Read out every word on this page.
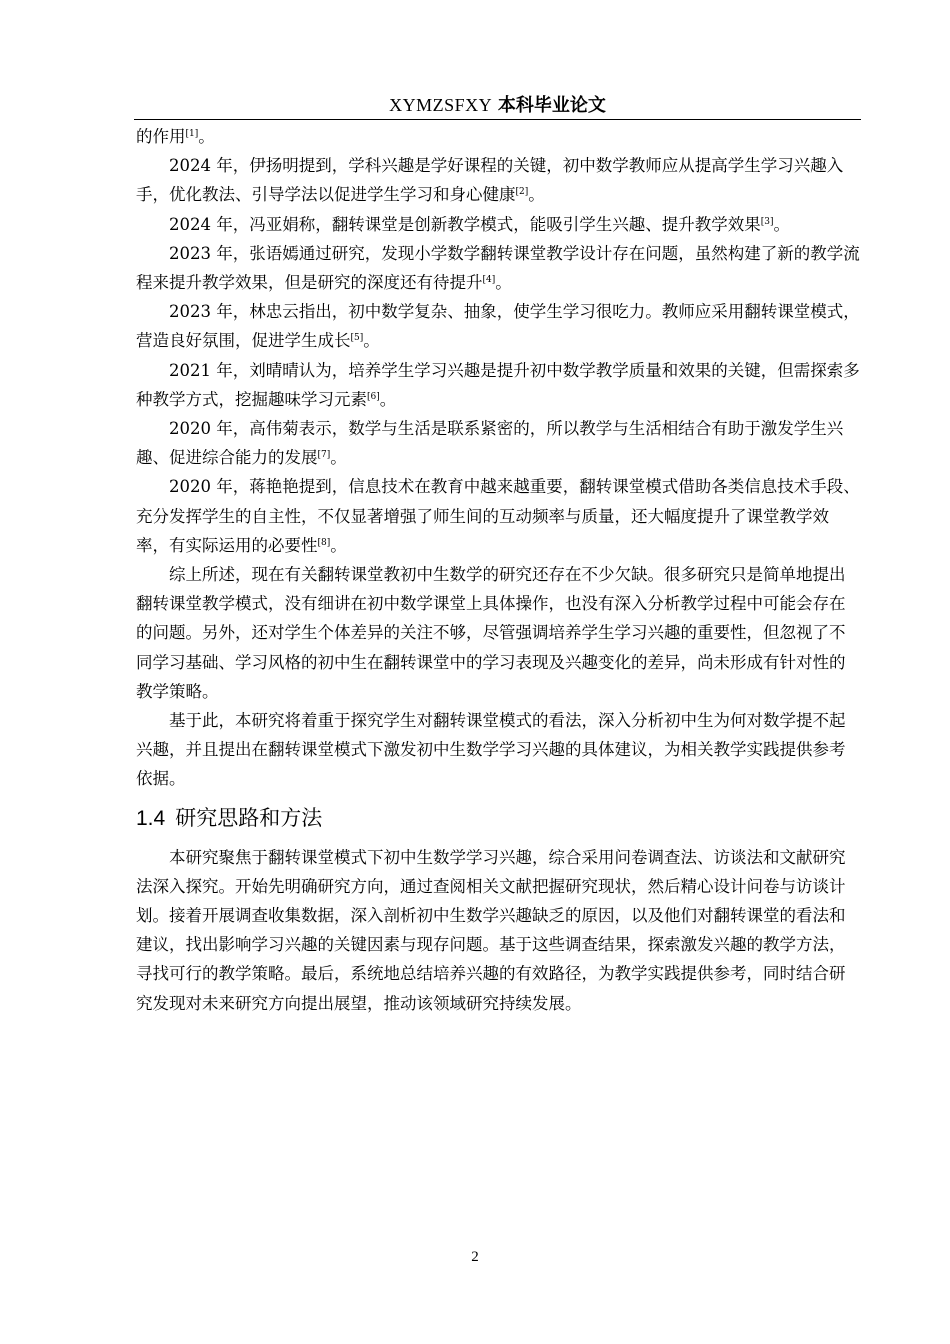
XYMZSFXY 本科毕业论文

的作用[1]。

2024 年，伊扬明提到，学科兴趣是学好课程的关键，初中数学教师应从提高学生学习兴趣入手，优化教法、引导学法以促进学生学习和身心健康[2]。

2024 年，冯亚娟称，翻转课堂是创新教学模式，能吸引学生兴趣、提升教学效果[3]。

2023 年，张语嫣通过研究，发现小学数学翻转课堂教学设计存在问题，虽然构建了新的教学流程来提升教学效果，但是研究的深度还有待提升[4]。

2023 年，林忠云指出，初中数学复杂、抽象，使学生学习很吃力。教师应采用翻转课堂模式，营造良好氛围，促进学生成长[5]。

2021 年，刘晴晴认为，培养学生学习兴趣是提升初中数学教学质量和效果的关键，但需探索多种教学方式，挖掘趣味学习元素[6]。

2020 年，高伟菊表示，数学与生活是联系紧密的，所以教学与生活相结合有助于激发学生兴趣、促进综合能力的发展[7]。

2020 年，蒋艳艳提到，信息技术在教育中越来越重要，翻转课堂模式借助各类信息技术手段、充分发挥学生的自主性，不仅显著增强了师生间的互动频率与质量，还大幅度提升了课堂教学效率，有实际运用的必要性[8]。

综上所述，现在有关翻转课堂教初中生数学的研究还存在不少欠缺。很多研究只是简单地提出翻转课堂教学模式，没有细讲在初中数学课堂上具体操作，也没有深入分析教学过程中可能会存在的问题。另外，还对学生个体差异的关注不够，尽管强调培养学生学习兴趣的重要性，但忽视了不同学习基础、学习风格的初中生在翻转课堂中的学习表现及兴趣变化的差异，尚未形成有针对性的教学策略。

基于此，本研究将着重于探究学生对翻转课堂模式的看法，深入分析初中生为何对数学提不起兴趣，并且提出在翻转课堂模式下激发初中生数学学习兴趣的具体建议，为相关教学实践提供参考依据。

1.4 研究思路和方法

本研究聚焦于翻转课堂模式下初中生数学学习兴趣，综合采用问卷调查法、访谈法和文献研究法深入探究。开始先明确研究方向，通过查阅相关文献把握研究现状，然后精心设计问卷与访谈计划。接着开展调查收集数据，深入剖析初中生数学兴趣缺乏的原因，以及他们对翻转课堂的看法和建议，找出影响学习兴趣的关键因素与现存问题。基于这些调查结果，探索激发兴趣的教学方法，寻找可行的教学策略。最后，系统地总结培养兴趣的有效路径，为教学实践提供参考，同时结合研究发现对未来研究方向提出展望，推动该领域研究持续发展。

2
